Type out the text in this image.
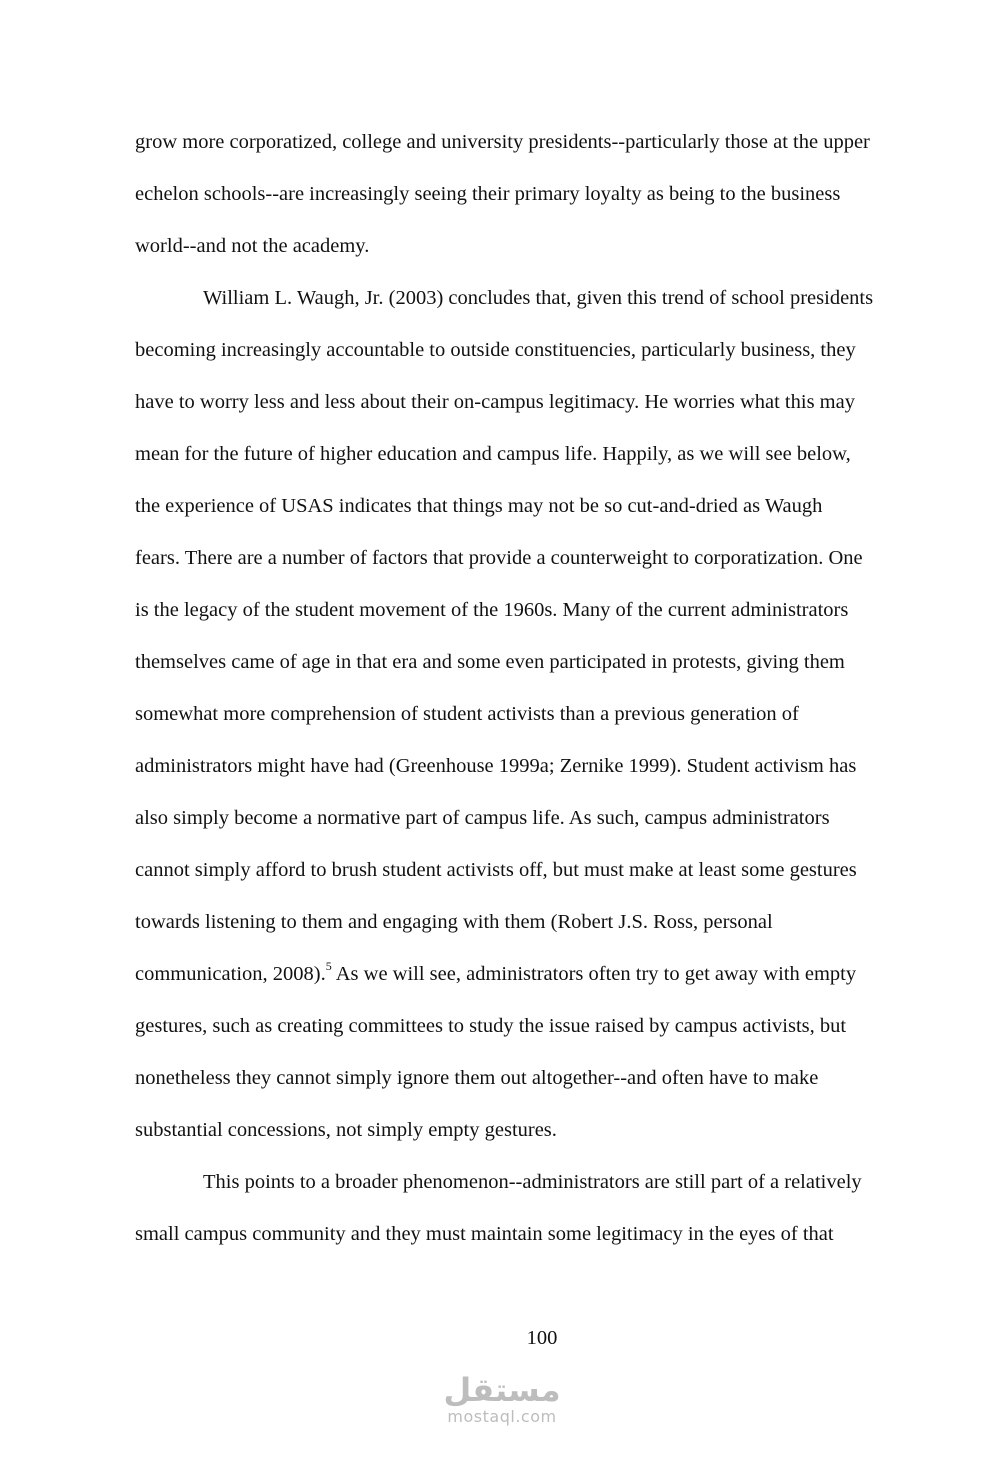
grow more corporatized, college and university presidents--particularly those at the upper
echelon schools--are increasingly seeing their primary loyalty as being to the business
world--and not the academy.
William L. Waugh, Jr. (2003) concludes that, given this trend of school presidents
becoming increasingly accountable to outside constituencies, particularly business, they
have to worry less and less about their on-campus legitimacy. He worries what this may
mean for the future of higher education and campus life. Happily, as we will see below,
the experience of USAS indicates that things may not be so cut-and-dried as Waugh
fears. There are a number of factors that provide a counterweight to corporatization. One
is the legacy of the student movement of the 1960s. Many of the current administrators
themselves came of age in that era and some even participated in protests, giving them
somewhat more comprehension of student activists than a previous generation of
administrators might have had (Greenhouse 1999a; Zernike 1999). Student activism has
also simply become a normative part of campus life. As such, campus administrators
cannot simply afford to brush student activists off, but must make at least some gestures
towards listening to them and engaging with them (Robert J.S. Ross, personal
communication, 2008).$^5$ As we will see, administrators often try to get away with empty
gestures, such as creating committees to study the issue raised by campus activists, but
nonetheless they cannot simply ignore them out altogether--and often have to make
substantial concessions, not simply empty gestures.
This points to a broader phenomenon--administrators are still part of a relatively
small campus community and they must maintain some legitimacy in the eyes of that
100
مستقل
mostaql.com
